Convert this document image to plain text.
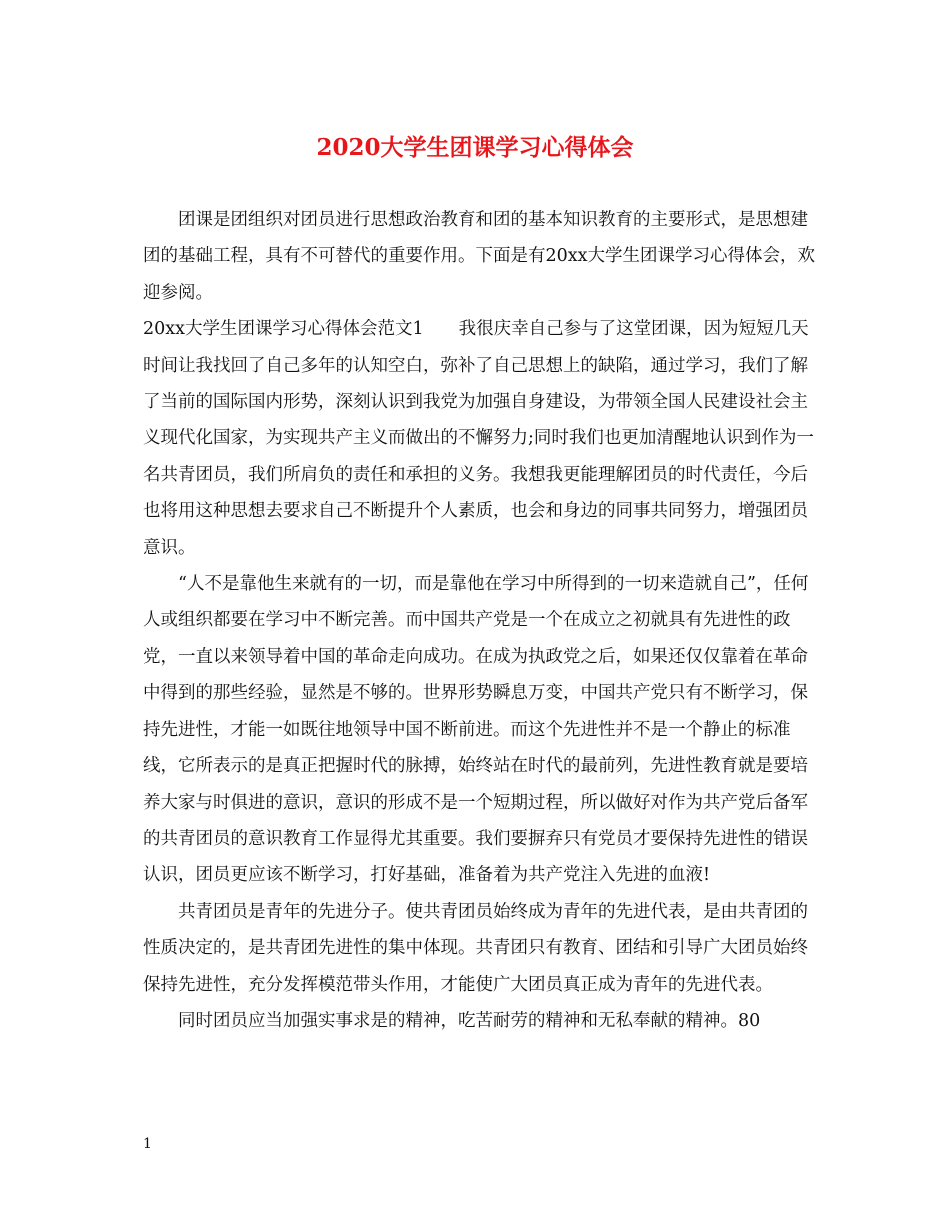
2020大学生团课学习心得体会

团课是团组织对团员进行思想政治教育和团的基本知识教育的主要形式，是思想建团的基础工程，具有不可替代的重要作用。下面是有20xx大学生团课学习心得体会，欢迎参阅。

20xx大学生团课学习心得体会范文1　　我很庆幸自己参与了这堂团课，因为短短几天时间让我找回了自己多年的认知空白，弥补了自己思想上的缺陷，通过学习，我们了解了当前的国际国内形势，深刻认识到我党为加强自身建设，为带领全国人民建设社会主义现代化国家，为实现共产主义而做出的不懈努力;同时我们也更加清醒地认识到作为一名共青团员，我们所肩负的责任和承担的义务。我想我更能理解团员的时代责任，今后也将用这种思想去要求自己不断提升个人素质，也会和身边的同事共同努力，增强团员意识。

“人不是靠他生来就有的一切，而是靠他在学习中所得到的一切来造就自己”，任何人或组织都要在学习中不断完善。而中国共产党是一个在成立之初就具有先进性的政党，一直以来领导着中国的革命走向成功。在成为执政党之后，如果还仅仅靠着在革命中得到的那些经验，显然是不够的。世界形势瞬息万变，中国共产党只有不断学习，保持先进性，才能一如既往地领导中国不断前进。而这个先进性并不是一个静止的标准线，它所表示的是真正把握时代的脉搏，始终站在时代的最前列，先进性教育就是要培养大家与时俱进的意识，意识的形成不是一个短期过程，所以做好对作为共产党后备军的共青团员的意识教育工作显得尤其重要。我们要摒弃只有党员才要保持先进性的错误认识，团员更应该不断学习，打好基础，准备着为共产党注入先进的血液!

共青团员是青年的先进分子。使共青团员始终成为青年的先进代表，是由共青团的性质决定的，是共青团先进性的集中体现。共青团只有教育、团结和引导广大团员始终保持先进性，充分发挥模范带头作用，才能使广大团员真正成为青年的先进代表。

同时团员应当加强实事求是的精神，吃苦耐劳的精神和无私奉献的精神。80

1
